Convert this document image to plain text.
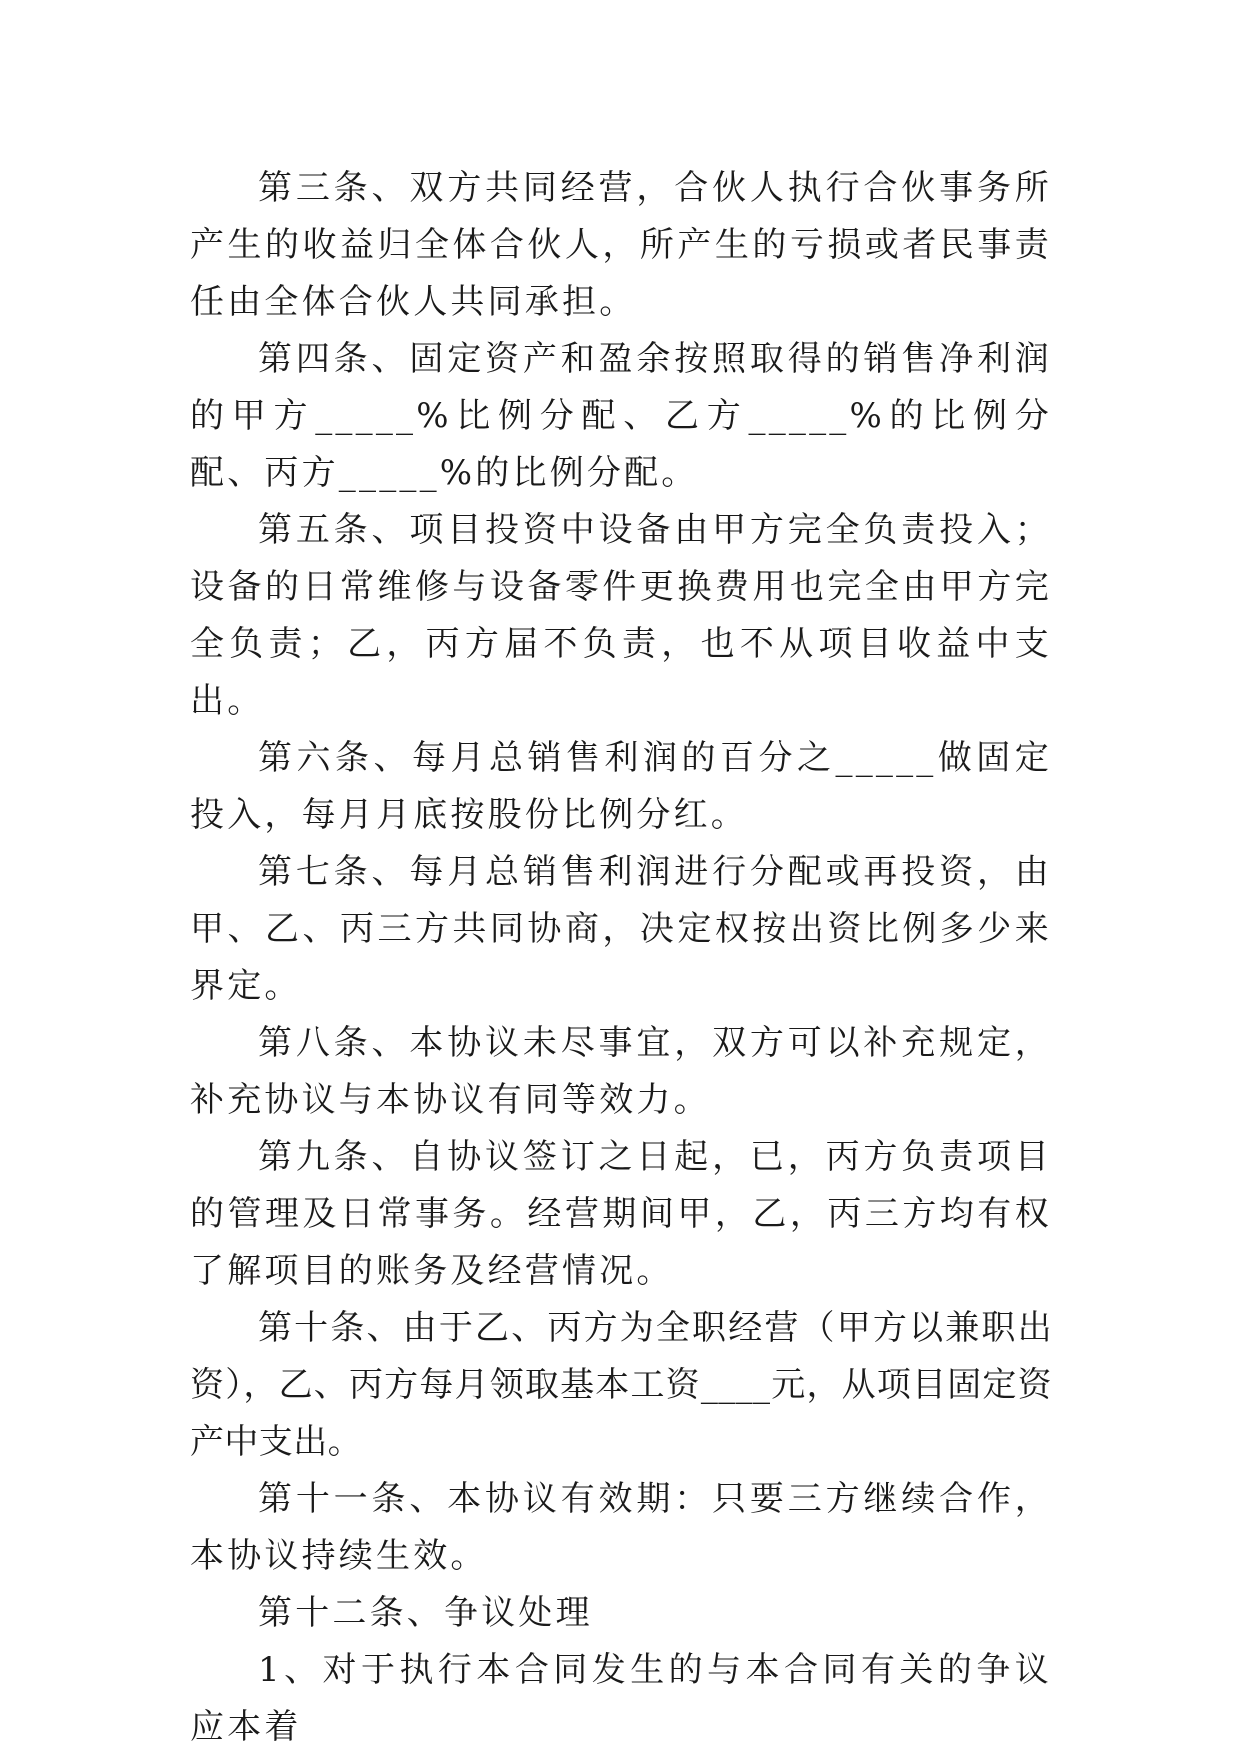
第三条、双方共同经营，合伙人执行合伙事务所产生的收益归全体合伙人，所产生的亏损或者民事责任由全体合伙人共同承担。

第四条、固定资产和盈余按照取得的销售净利润的甲方_____%比例分配、乙方_____%的比例分配、丙方_____%的比例分配。

第五条、项目投资中设备由甲方完全负责投入；设备的日常维修与设备零件更换费用也完全由甲方完全负责；乙，丙方届不负责，也不从项目收益中支出。

第六条、每月总销售利润的百分之_____做固定投入，每月月底按股份比例分红。

第七条、每月总销售利润进行分配或再投资，由甲、乙、丙三方共同协商，决定权按出资比例多少来界定。

第八条、本协议未尽事宜，双方可以补充规定，补充协议与本协议有同等效力。

第九条、自协议签订之日起，已，丙方负责项目的管理及日常事务。经营期间甲，乙，丙三方均有权了解项目的账务及经营情况。

第十条、由于乙、丙方为全职经营（甲方以兼职出资），乙、丙方每月领取基本工资____元，从项目固定资产中支出。

第十一条、本协议有效期：只要三方继续合作，本协议持续生效。

第十二条、争议处理

1、对于执行本合同发生的与本合同有关的争议应本着
